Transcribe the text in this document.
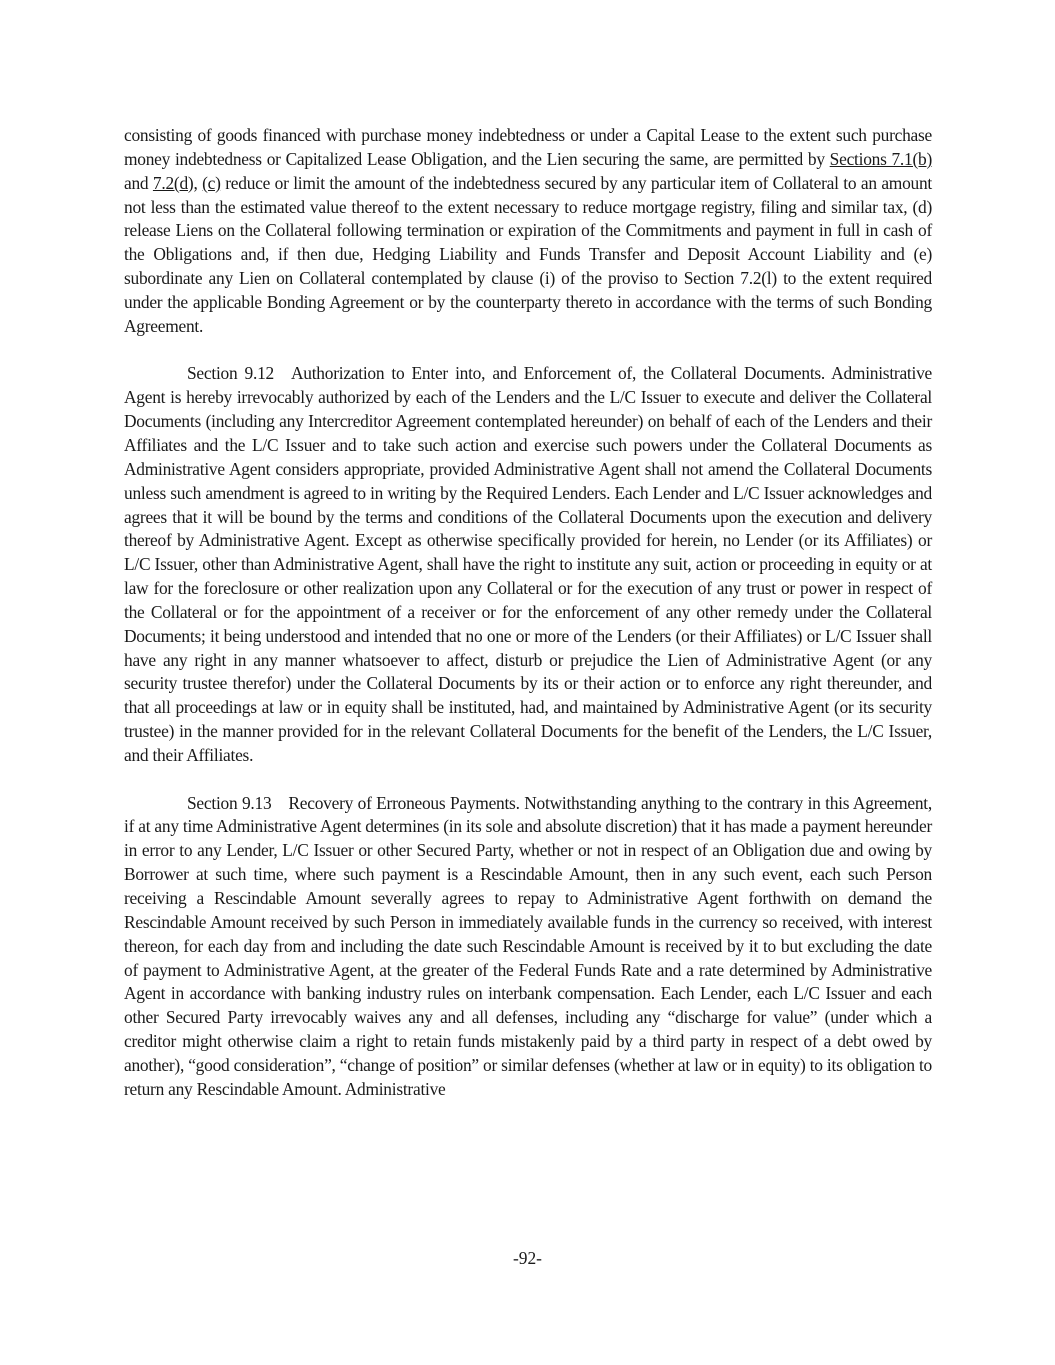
consisting of goods financed with purchase money indebtedness or under a Capital Lease to the extent such purchase money indebtedness or Capitalized Lease Obligation, and the Lien securing the same, are permitted by Sections 7.1(b) and 7.2(d), (c) reduce or limit the amount of the indebtedness secured by any particular item of Collateral to an amount not less than the estimated value thereof to the extent necessary to reduce mortgage registry, filing and similar tax, (d) release Liens on the Collateral following termination or expiration of the Commitments and payment in full in cash of the Obligations and, if then due, Hedging Liability and Funds Transfer and Deposit Account Liability and (e) subordinate any Lien on Collateral contemplated by clause (i) of the proviso to Section 7.2(l) to the extent required under the applicable Bonding Agreement or by the counterparty thereto in accordance with the terms of such Bonding Agreement.

Section 9.12 Authorization to Enter into, and Enforcement of, the Collateral Documents. Administrative Agent is hereby irrevocably authorized by each of the Lenders and the L/C Issuer to execute and deliver the Collateral Documents (including any Intercreditor Agreement contemplated hereunder) on behalf of each of the Lenders and their Affiliates and the L/C Issuer and to take such action and exercise such powers under the Collateral Documents as Administrative Agent considers appropriate, provided Administrative Agent shall not amend the Collateral Documents unless such amendment is agreed to in writing by the Required Lenders. Each Lender and L/C Issuer acknowledges and agrees that it will be bound by the terms and conditions of the Collateral Documents upon the execution and delivery thereof by Administrative Agent. Except as otherwise specifically provided for herein, no Lender (or its Affiliates) or L/C Issuer, other than Administrative Agent, shall have the right to institute any suit, action or proceeding in equity or at law for the foreclosure or other realization upon any Collateral or for the execution of any trust or power in respect of the Collateral or for the appointment of a receiver or for the enforcement of any other remedy under the Collateral Documents; it being understood and intended that no one or more of the Lenders (or their Affiliates) or L/C Issuer shall have any right in any manner whatsoever to affect, disturb or prejudice the Lien of Administrative Agent (or any security trustee therefor) under the Collateral Documents by its or their action or to enforce any right thereunder, and that all proceedings at law or in equity shall be instituted, had, and maintained by Administrative Agent (or its security trustee) in the manner provided for in the relevant Collateral Documents for the benefit of the Lenders, the L/C Issuer, and their Affiliates.

Section 9.13 Recovery of Erroneous Payments. Notwithstanding anything to the contrary in this Agreement, if at any time Administrative Agent determines (in its sole and absolute discretion) that it has made a payment hereunder in error to any Lender, L/C Issuer or other Secured Party, whether or not in respect of an Obligation due and owing by Borrower at such time, where such payment is a Rescindable Amount, then in any such event, each such Person receiving a Rescindable Amount severally agrees to repay to Administrative Agent forthwith on demand the Rescindable Amount received by such Person in immediately available funds in the currency so received, with interest thereon, for each day from and including the date such Rescindable Amount is received by it to but excluding the date of payment to Administrative Agent, at the greater of the Federal Funds Rate and a rate determined by Administrative Agent in accordance with banking industry rules on interbank compensation. Each Lender, each L/C Issuer and each other Secured Party irrevocably waives any and all defenses, including any “discharge for value” (under which a creditor might otherwise claim a right to retain funds mistakenly paid by a third party in respect of a debt owed by another), “good consideration”, “change of position” or similar defenses (whether at law or in equity) to its obligation to return any Rescindable Amount. Administrative

-92-
